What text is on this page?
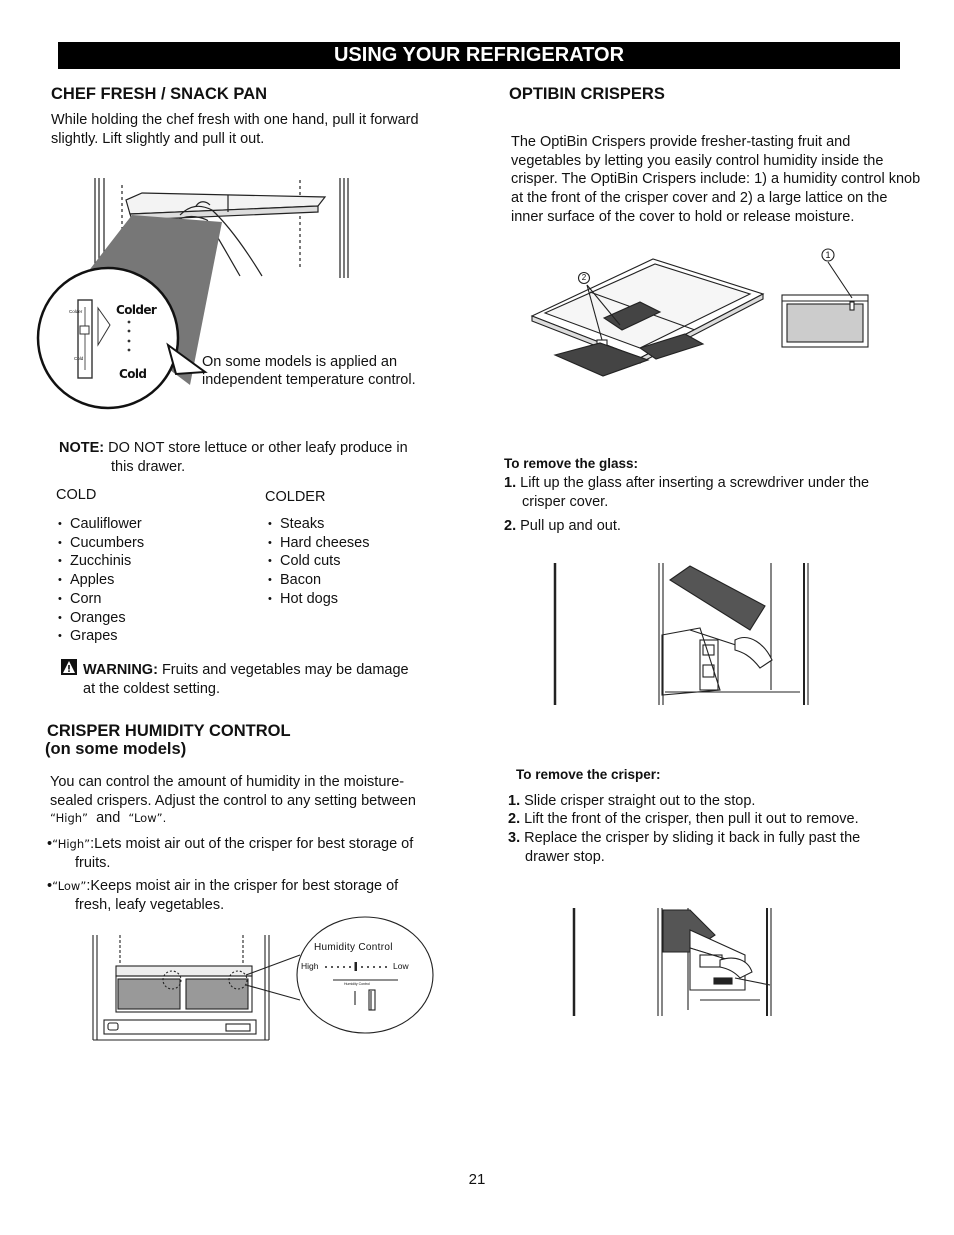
USING YOUR REFRIGERATOR
CHEF FRESH / SNACK PAN

While holding the chef fresh with one hand, pull it forward slightly. Lift slightly and pull it out.

Colder
Cold
Colder
Cold	On some models is applied an independent temperature control.

NOTE: DO NOT store lettuce or other leafy produce in
this drawer.
COLD	COLDER
• Cauliflower
• Cucumbers
• Zucchinis
• Apples
• Corn
• Oranges
• Grapes
• Steaks
• Hard cheeses
• Cold cuts
• Bacon
• Hot dogs
WARNING: Fruits and vegetables may be damage
at the coldest setting.
CRISPER HUMIDITY CONTROL
(on some models)
You can control the amount of humidity in the moisture-
sealed crispers. Adjust the control to any setting between
“High” and “Low”.
•“High”:Lets moist air out of the crisper for best storage of
fruits.
•“Low”:Keeps moist air in the crisper for best storage of
fresh, leafy vegetables.
Humidity Control
High	Low
Humidity Control
OPTIBIN CRISPERS

The OptiBin Crispers provide fresher-tasting fruit and vegetables by letting you easily control humidity inside the crisper. The OptiBin Crispers include: 1) a humidity control knob at the front of the crisper cover and 2) a large lattice on the inner surface of the cover to hold or release moisture.

2
1
To remove the glass:
1. Lift up the glass after inserting a screwdriver under the
crisper cover.
2. Pull up and out.
To remove the crisper:
1. Slide crisper straight out to the stop.
2. Lift the front of the crisper, then pull it out to remove.
3. Replace the crisper by sliding it back in fully past the
drawer stop.
21
